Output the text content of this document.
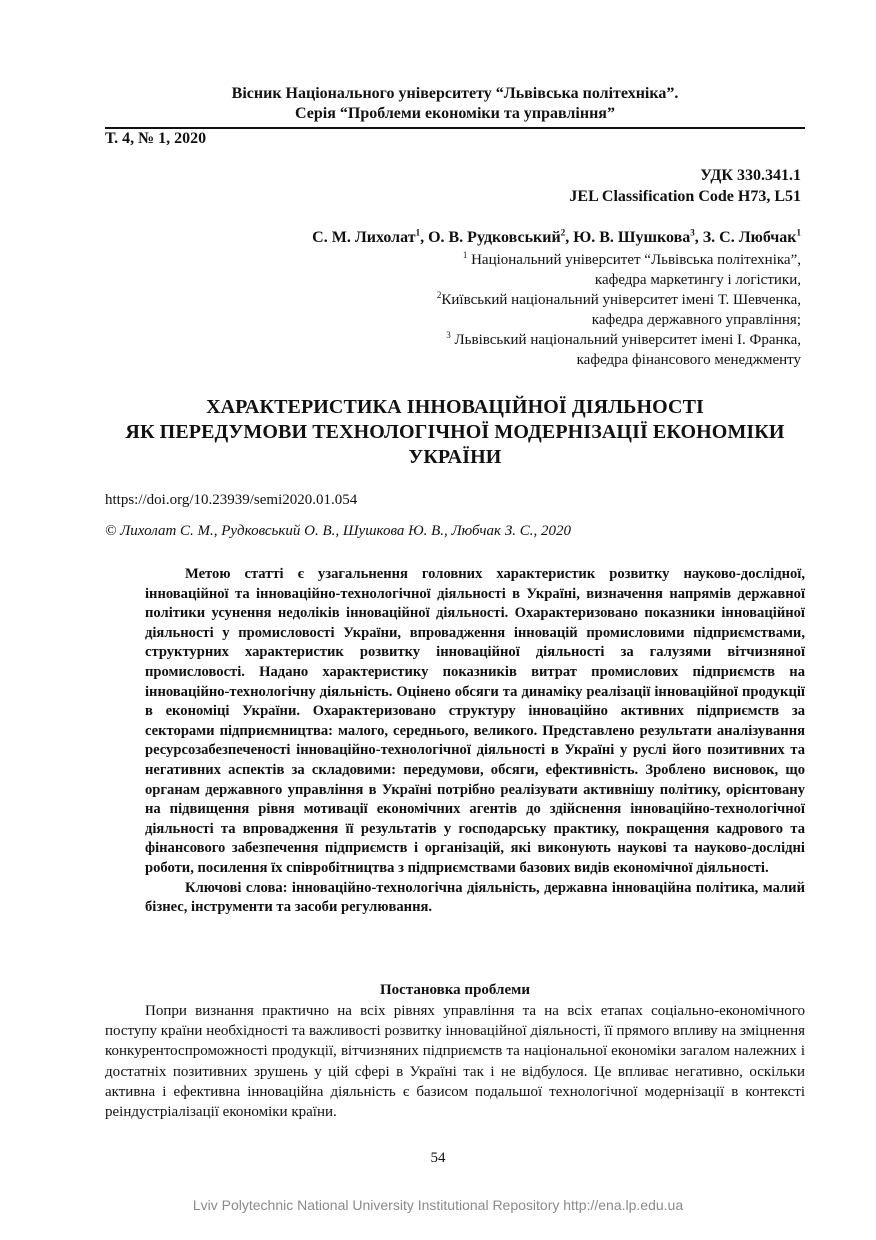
Вісник Національного університету “Львівська політехніка”.
Серія “Проблеми економіки та управління”
Т. 4, № 1, 2020
УДК 330.341.1
JEL Classification Code H73, L51
С. М. Лихолат$^1$, О. В. Рудковський$^2$, Ю. В. Шушкова$^3$, З. С. Любчак$^1$
$^1$ Національний університет “Львівська політехніка”,
кафедра маркетингу і логістики,
$^2$Київський національний університет імені Т. Шевченка,
кафедра державного управління;
$^3$ Львівський національний університет імені І. Франка,
кафедра фінансового менеджменту
ХАРАКТЕРИСТИКА ІННОВАЦІЙНОЇ ДІЯЛЬНОСТІ
ЯК ПЕРЕДУМОВИ ТЕХНОЛОГІЧНОЇ МОДЕРНІЗАЦІЇ ЕКОНОМІКИ
УКРАЇНИ
https://doi.org/10.23939/semi2020.01.054
© Лихолат С. М., Рудковський О. В., Шушкова Ю. В., Любчак З. С., 2020

Метою статті є узагальнення головних характеристик розвитку науково-дослідної, інноваційної та інноваційно-технологічної діяльності в Україні, визначення напрямів державної політики усунення недоліків інноваційної діяльності. Охарактеризовано показники інноваційної діяльності у промисловості України, впровадження інновацій промисловими підприємствами, структурних характеристик розвитку інноваційної діяльності за галузями вітчизняної промисловості. Надано характеристику показників витрат промислових підприємств на інноваційно-технологічну діяльність. Оцінено обсяги та динаміку реалізації інноваційної продукції в економіці України. Охарактеризовано структуру інноваційно активних підприємств за секторами підприємництва: малого, середнього, великого. Представлено результати аналізування ресурсозабезпеченості інноваційно-технологічної діяльності в Україні у руслі його позитивних та негативних аспектів за складовими: передумови, обсяги, ефективність. Зроблено висновок, що органам державного управління в Україні потрібно реалізувати активнішу політику, орієнтовану на підвищення рівня мотивації економічних агентів до здійснення інноваційно-технологічної діяльності та впровадження її результатів у господарську практику, покращення кадрового та фінансового забезпечення підприємств і організацій, які виконують наукові та науково-дослідні роботи, посилення їх співробітництва з підприємствами базових видів економічної діяльності.

Ключові слова: інноваційно-технологічна діяльність, державна інноваційна політика, малий бізнес, інструменти та засоби регулювання.

Постановка проблеми

Попри визнання практично на всіх рівнях управління та на всіх етапах соціально-економічного поступу країни необхідності та важливості розвитку інноваційної діяльності, її прямого впливу на зміцнення конкурентоспроможності продукції, вітчизняних підприємств та національної економіки загалом належних і достатніх позитивних зрушень у цій сфері в Україні так і не відбулося. Це впливає негативно, оскільки активна і ефективна інноваційна діяльність є базисом подальшої технологічної модернізації в контексті реіндустріалізації економіки країни.

54
Lviv Polytechnic National University Institutional Repository http://ena.lp.edu.ua
